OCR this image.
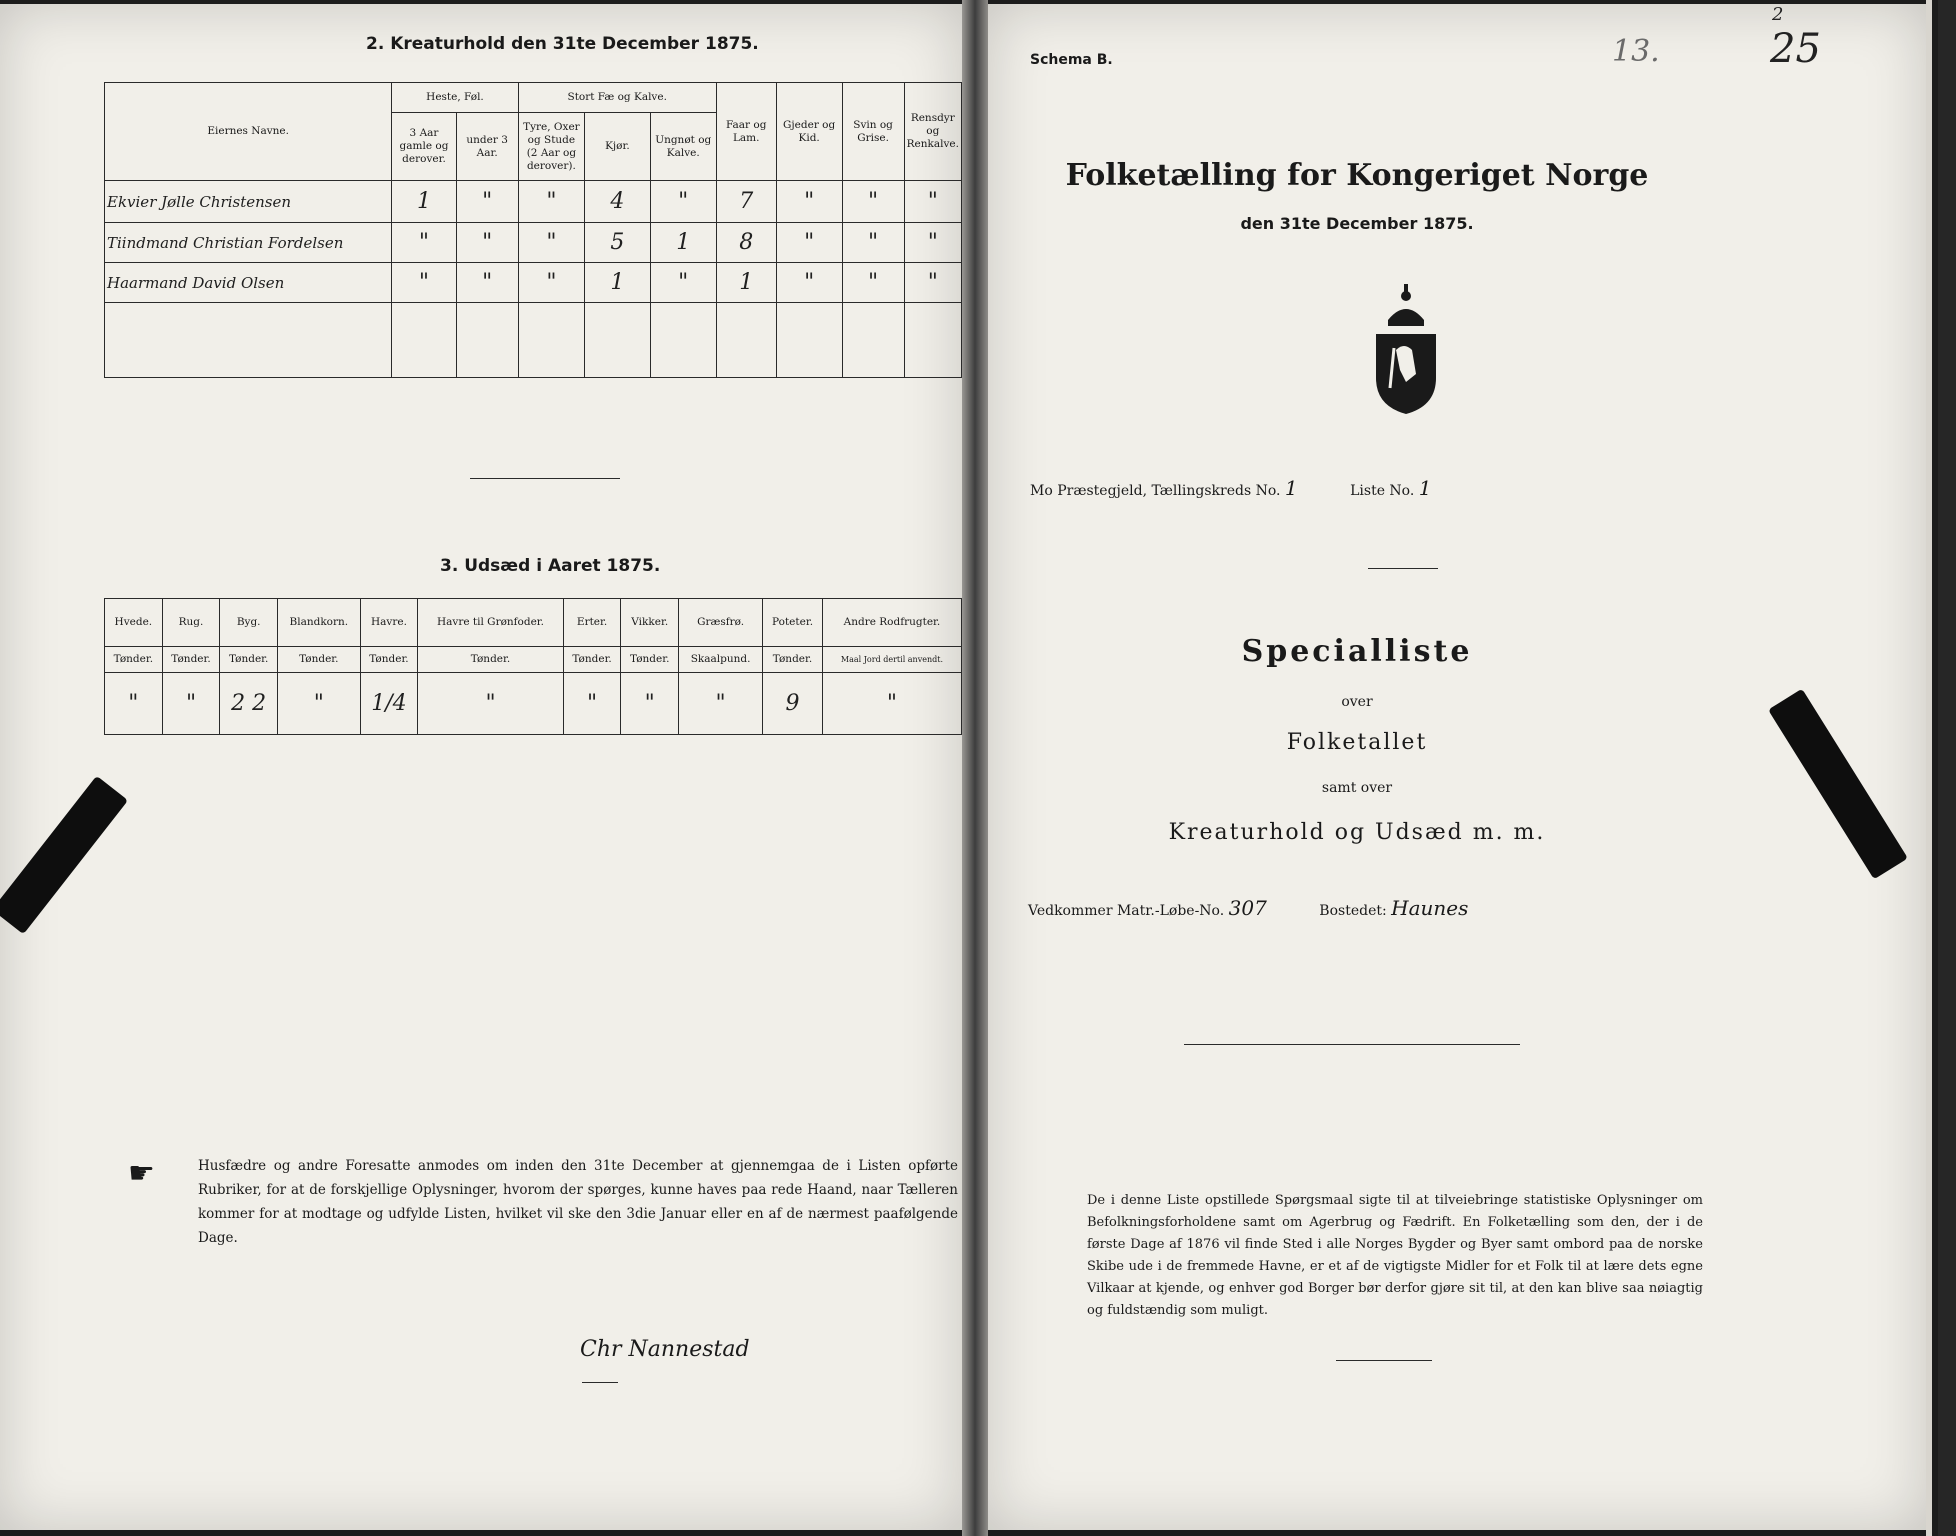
2. Kreaturhold den 31te December 1875.
Eiernes Navne.	Heste, Føl.		Stort Fæ og Kalve.			Faar og Lam.	Gjeder og Kid.	Svin og Grise.	Rensdyr og Renkalve.
	3 Aar gamle og derover.	under 3 Aar.	Tyre, Oxer og Stude (2 Aar og derover).	Kjør.	Ungnøt og Kalve.				
Ekvier Jølle Christensen	1	"	"	4	"	7	"	"	"
Tiindmand Christian Fordelsen	"	"	"	5	1	8	"	"	"
Haarmand David Olsen	"	"	"	1	"	1	"	"	"

3. Udsæd i Aaret 1875.
Hvede.	Rug.	Byg.	Blandkorn.	Havre.	Havre til Grønfoder.	Erter.	Vikker.	Græsfrø.	Poteter.	Andre Rodfrugter.
Tønder.	Tønder.	Tønder.	Tønder.	Tønder.	Tønder.	Tønder.	Tønder.	Skaalpund.	Tønder.	Maal Jord dertil anvendt.
"	"	2 2	"	1/4	"	"	"	"	9	"
☛	Husfædre og andre Foresatte anmodes om inden den 31te December at gjennemgaa de i Listen opførte Rubriker, for at de forskjellige Oplysninger, hvorom der spørges, kunne haves paa rede Haand, naar Tælleren kommer for at modtage og udfylde Listen, hvilket vil ske den 3die Januar eller en af de nærmest paafølgende Dage.
Chr Nannestad
Schema B.	13.	25
2
Folketælling for Kongeriget Norge
den 31te December 1875.
Mo Præstegjeld, Tællingskreds No. 1	Liste No. 1
Specialliste
over
Folketallet
samt over
Kreaturhold og Udsæd m. m.
Vedkommer Matr.-Løbe-No. 307	Bostedet: Haunes
De i denne Liste opstillede Spørgsmaal sigte til at tilveiebringe statistiske Oplysninger om Befolkningsforholdene samt om Agerbrug og Fædrift. En Folketælling som den, der i de første Dage af 1876 vil finde Sted i alle Norges Bygder og Byer samt ombord paa de norske Skibe ude i de fremmede Havne, er et af de vigtigste Midler for et Folk til at lære dets egne Vilkaar at kjende, og enhver god Borger bør derfor gjøre sit til, at den kan blive saa nøiagtig og fuldstændig som muligt.
